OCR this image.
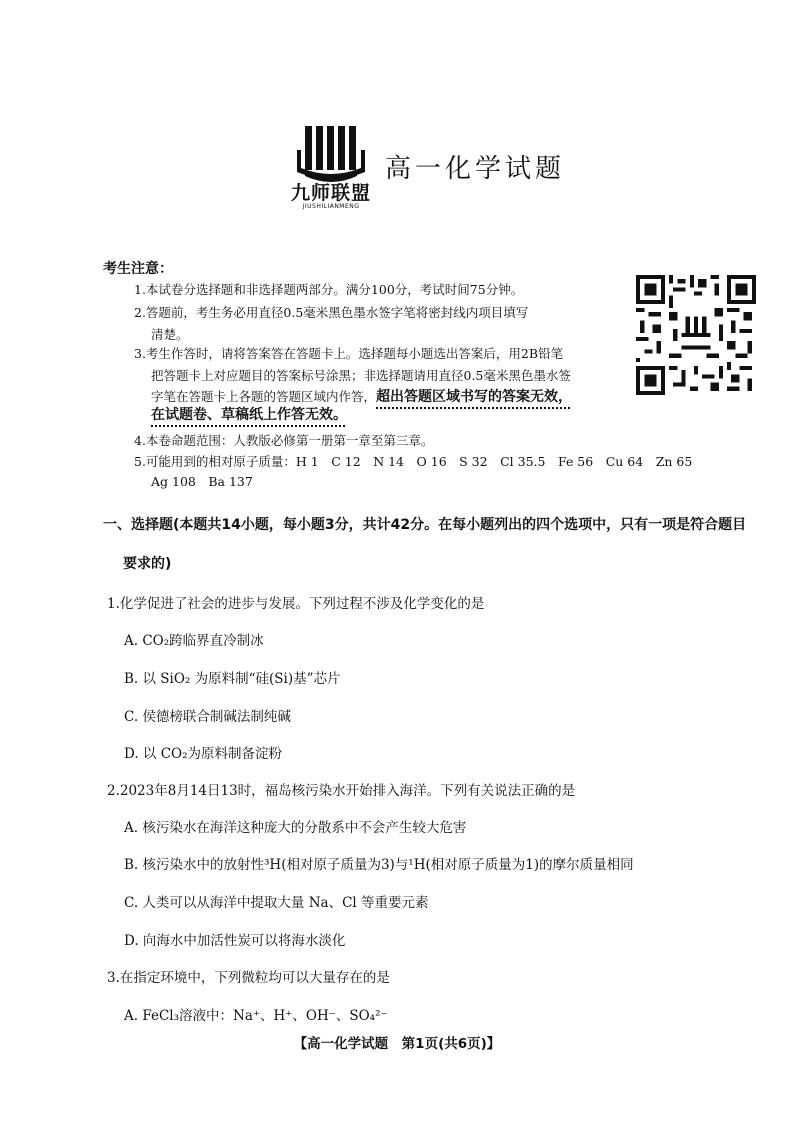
九师联盟
JIUSHILIANMENG
高一化学试题
考生注意：
1.本试卷分选择题和非选择题两部分。满分100分，考试时间75分钟。
2.答题前，考生务必用直径0.5毫米黑色墨水签字笔将密封线内项目填写
清楚。
3.考生作答时，请将答案答在答题卡上。选择题每小题选出答案后，用2B铅笔
把答题卡上对应题目的答案标号涂黑；非选择题请用直径0.5毫米黑色墨水签
字笔在答题卡上各题的答题区域内作答，超出答题区域书写的答案无效，
在试题卷、草稿纸上作答无效。
4.本卷命题范围：人教版必修第一册第一章至第三章。
5.可能用到的相对原子质量：H 1　C 12　N 14　O 16　S 32　Cl 35.5　Fe 56　Cu 64　Zn 65
Ag 108　Ba 137
一、选择题(本题共14小题，每小题3分，共计42分。在每小题列出的四个选项中，只有一项是符合题目
要求的)
1.化学促进了社会的进步与发展。下列过程不涉及化学变化的是
A. CO₂跨临界直冷制冰
B. 以 SiO₂ 为原料制“硅(Si)基”芯片
C. 侯德榜联合制碱法制纯碱
D. 以 CO₂为原料制备淀粉
2.2023年8月14日13时，福岛核污染水开始排入海洋。下列有关说法正确的是
A. 核污染水在海洋这种庞大的分散系中不会产生较大危害
B. 核污染水中的放射性³H(相对原子质量为3)与¹H(相对原子质量为1)的摩尔质量相同
C. 人类可以从海洋中提取大量 Na、Cl 等重要元素
D. 向海水中加活性炭可以将海水淡化
3.在指定环境中，下列微粒均可以大量存在的是
A. FeCl₃溶液中：Na⁺、H⁺、OH⁻、SO₄²⁻
【高一化学试题　第1页(共6页)】
